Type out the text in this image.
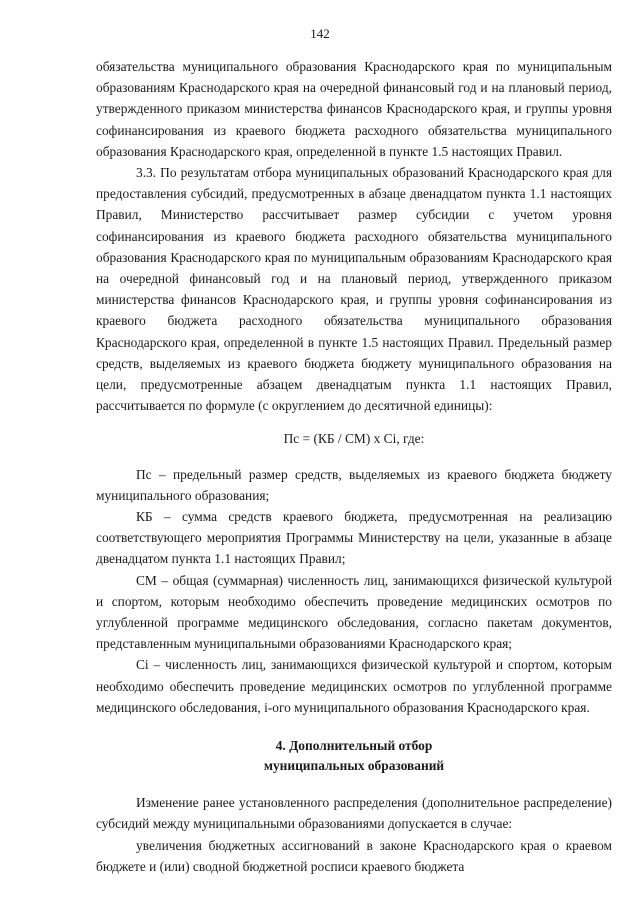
142

обязательства муниципального образования Краснодарского края по муниципальным образованиям Краснодарского края на очередной финансовый год и на плановый период, утвержденного приказом министерства финансов Краснодарского края, и группы уровня софинансирования из краевого бюджета расходного обязательства муниципального образования Краснодарского края, определенной в пункте 1.5 настоящих Правил.

3.3. По результатам отбора муниципальных образований Краснодарского края для предоставления субсидий, предусмотренных в абзаце двенадцатом пункта 1.1 настоящих Правил, Министерство рассчитывает размер субсидии с учетом уровня софинансирования из краевого бюджета расходного обязательства муниципального образования Краснодарского края по муниципальным образованиям Краснодарского края на очередной финансовый год и на плановый период, утвержденного приказом министерства финансов Краснодарского края, и группы уровня софинансирования из краевого бюджета расходного обязательства муниципального образования Краснодарского края, определенной в пункте 1.5 настоящих Правил. Предельный размер средств, выделяемых из краевого бюджета бюджету муниципального образования на цели, предусмотренные абзацем двенадцатым пункта 1.1 настоящих Правил, рассчитывается по формуле (с округлением до десятичной единицы):

Пс = (КБ / СМ) х Сi, где:

Пс – предельный размер средств, выделяемых из краевого бюджета бюджету муниципального образования;

КБ – сумма средств краевого бюджета, предусмотренная на реализацию соответствующего мероприятия Программы Министерству на цели, указанные в абзаце двенадцатом пункта 1.1 настоящих Правил;

СМ – общая (суммарная) численность лиц, занимающихся физической культурой и спортом, которым необходимо обеспечить проведение медицинских осмотров по углубленной программе медицинского обследования, согласно пакетам документов, представленным муниципальными образованиями Краснодарского края;

Сi – численность лиц, занимающихся физической культурой и спортом, которым необходимо обеспечить проведение медицинских осмотров по углубленной программе медицинского обследования, i-ого муниципального образования Краснодарского края.

4. Дополнительный отбор
муниципальных образований

Изменение ранее установленного распределения (дополнительное распределение) субсидий между муниципальными образованиями допускается в случае:

увеличения бюджетных ассигнований в законе Краснодарского края о краевом бюджете и (или) сводной бюджетной росписи краевого бюджета
